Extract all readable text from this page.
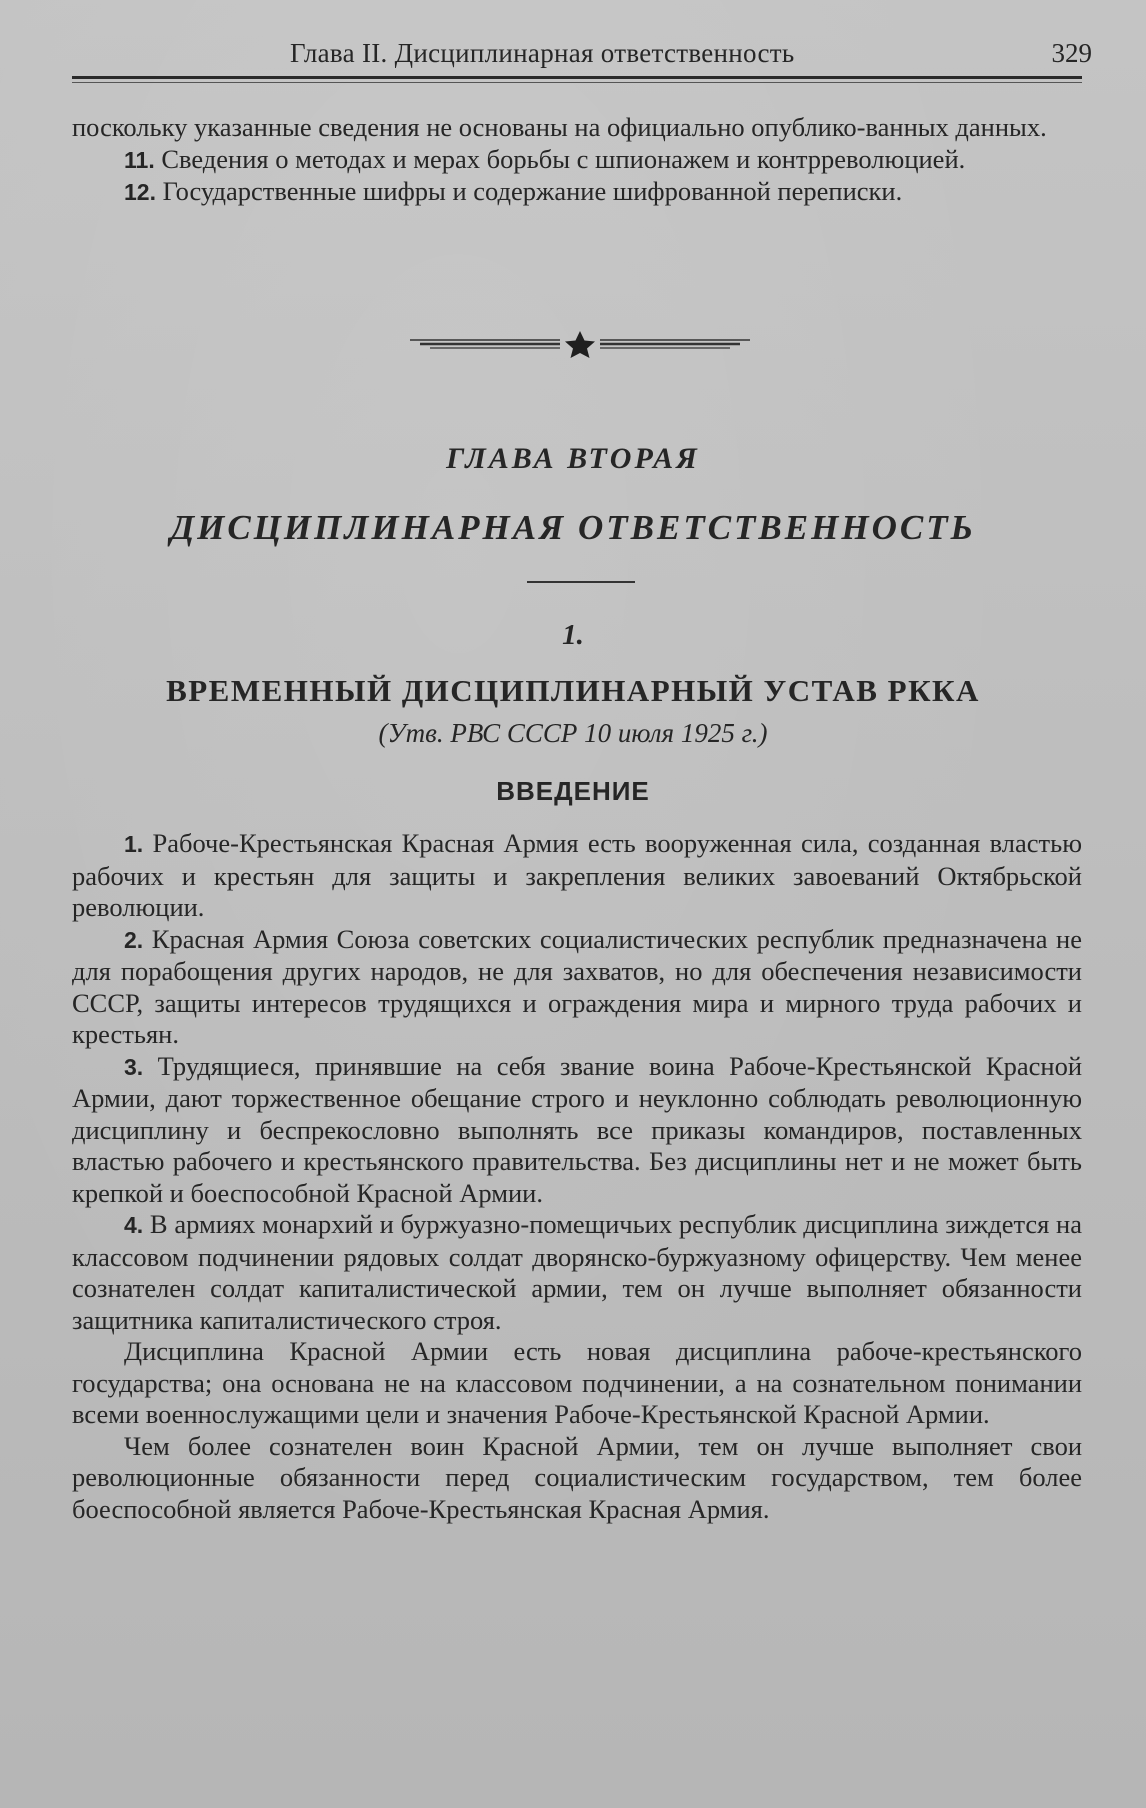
Глава II. Дисциплинарная ответственность	329

поскольку указанные сведения не основаны на официально опублико-ванных данных.

11. Сведения о методах и мерах борьбы с шпионажем и контрреволюцией.

12. Государственные шифры и содержание шифрованной переписки.

ГЛАВА ВТОРАЯ
ДИСЦИПЛИНАРНАЯ ОТВЕТСТВЕННОСТЬ
1.
ВРЕМЕННЫЙ ДИСЦИПЛИНАРНЫЙ УСТАВ РККА
(Утв. РВС СССР 10 июля 1925 г.)
ВВЕДЕНИЕ

1. Рабоче-Крестьянская Красная Армия есть вооруженная сила, созданная властью рабочих и крестьян для защиты и закрепления великих завоеваний Октябрьской революции.

2. Красная Армия Союза советских социалистических республик предназначена не для порабощения других народов, не для захватов, но для обеспечения независимости СССР, защиты интересов трудящихся и ограждения мира и мирного труда рабочих и крестьян.

3. Трудящиеся, принявшие на себя звание воина Рабоче-Крестьянской Красной Армии, дают торжественное обещание строго и неуклонно соблюдать революционную дисциплину и беспрекословно выполнять все приказы командиров, поставленных властью рабочего и крестьянского правительства. Без дисциплины нет и не может быть крепкой и боеспособной Красной Армии.

4. В армиях монархий и буржуазно-помещичьих республик дисциплина зиждется на классовом подчинении рядовых солдат дворянско-буржуазному офицерству. Чем менее сознателен солдат капиталистической армии, тем он лучше выполняет обязанности защитника капиталистического строя.

Дисциплина Красной Армии есть новая дисциплина рабоче-крестьянского государства; она основана не на классовом подчинении, а на сознательном понимании всеми военнослужащими цели и значения Рабоче-Крестьянской Красной Армии.

Чем более сознателен воин Красной Армии, тем он лучше выполняет свои революционные обязанности перед социалистическим государством, тем более боеспособной является Рабоче-Крестьянская Красная Армия.
